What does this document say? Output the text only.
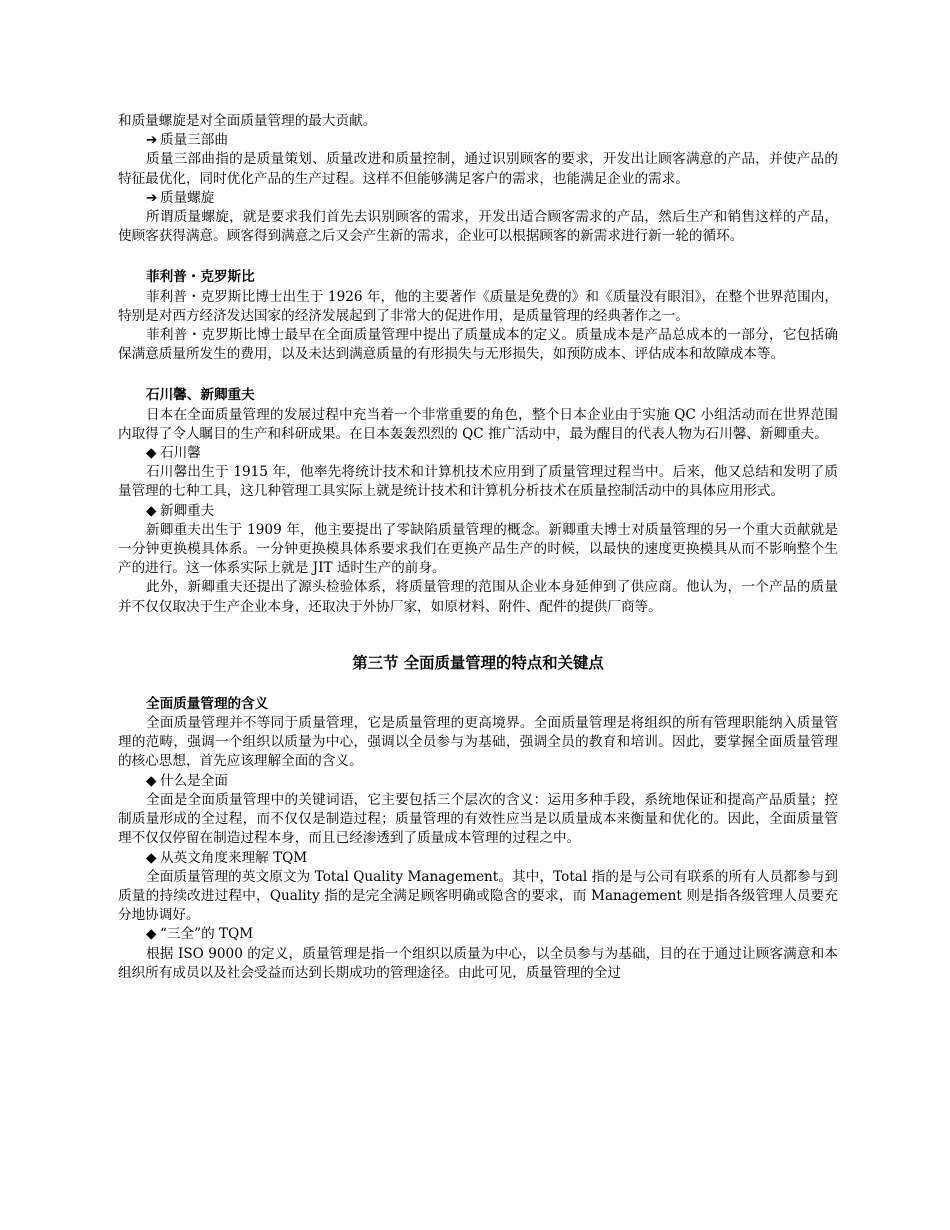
和质量螺旋是对全面质量管理的最大贡献。

➔ 质量三部曲

质量三部曲指的是质量策划、质量改进和质量控制，通过识别顾客的要求，开发出让顾客满意的产品，并使产品的特征最优化，同时优化产品的生产过程。这样不但能够满足客户的需求，也能满足企业的需求。

➔ 质量螺旋

所谓质量螺旋，就是要求我们首先去识别顾客的需求，开发出适合顾客需求的产品，然后生产和销售这样的产品，使顾客获得满意。顾客得到满意之后又会产生新的需求，企业可以根据顾客的新需求进行新一轮的循环。

菲利普・克罗斯比

菲利普・克罗斯比博士出生于 1926 年，他的主要著作《质量是免费的》和《质量没有眼泪》，在整个世界范围内，特别是对西方经济发达国家的经济发展起到了非常大的促进作用，是质量管理的经典著作之一。

菲利普・克罗斯比博士最早在全面质量管理中提出了质量成本的定义。质量成本是产品总成本的一部分，它包括确保满意质量所发生的费用，以及未达到满意质量的有形损失与无形损失，如预防成本、评估成本和故障成本等。

石川馨、新卿重夫

日本在全面质量管理的发展过程中充当着一个非常重要的角色，整个日本企业由于实施 QC 小组活动而在世界范围内取得了令人瞩目的生产和科研成果。在日本轰轰烈烈的 QC 推广活动中，最为醒目的代表人物为石川馨、新卿重夫。

◆ 石川馨

石川馨出生于 1915 年，他率先将统计技术和计算机技术应用到了质量管理过程当中。后来，他又总结和发明了质量管理的七种工具，这几种管理工具实际上就是统计技术和计算机分析技术在质量控制活动中的具体应用形式。

◆ 新卿重夫

新卿重夫出生于 1909 年，他主要提出了零缺陷质量管理的概念。新卿重夫博士对质量管理的另一个重大贡献就是一分钟更换模具体系。一分钟更换模具体系要求我们在更换产品生产的时候，以最快的速度更换模具从而不影响整个生产的进行。这一体系实际上就是 JIT 适时生产的前身。

此外，新卿重夫还提出了源头检验体系，将质量管理的范围从企业本身延伸到了供应商。他认为，一个产品的质量并不仅仅取决于生产企业本身，还取决于外协厂家，如原材料、附件、配件的提供厂商等。

第三节 全面质量管理的特点和关键点

全面质量管理的含义

全面质量管理并不等同于质量管理，它是质量管理的更高境界。全面质量管理是将组织的所有管理职能纳入质量管理的范畴，强调一个组织以质量为中心，强调以全员参与为基础，强调全员的教育和培训。因此，要掌握全面质量管理的核心思想，首先应该理解全面的含义。

◆ 什么是全面

全面是全面质量管理中的关键词语，它主要包括三个层次的含义：运用多种手段，系统地保证和提高产品质量；控制质量形成的全过程，而不仅仅是制造过程；质量管理的有效性应当是以质量成本来衡量和优化的。因此，全面质量管理不仅仅停留在制造过程本身，而且已经渗透到了质量成本管理的过程之中。

◆ 从英文角度来理解 TQM

全面质量管理的英文原文为 Total Quality Management。其中，Total 指的是与公司有联系的所有人员都参与到质量的持续改进过程中，Quality 指的是完全满足顾客明确或隐含的要求，而 Management 则是指各级管理人员要充分地协调好。

◆ “三全”的 TQM

根据 ISO 9000 的定义，质量管理是指一个组织以质量为中心，以全员参与为基础，目的在于通过让顾客满意和本组织所有成员以及社会受益而达到长期成功的管理途径。由此可见，质量管理的全过
